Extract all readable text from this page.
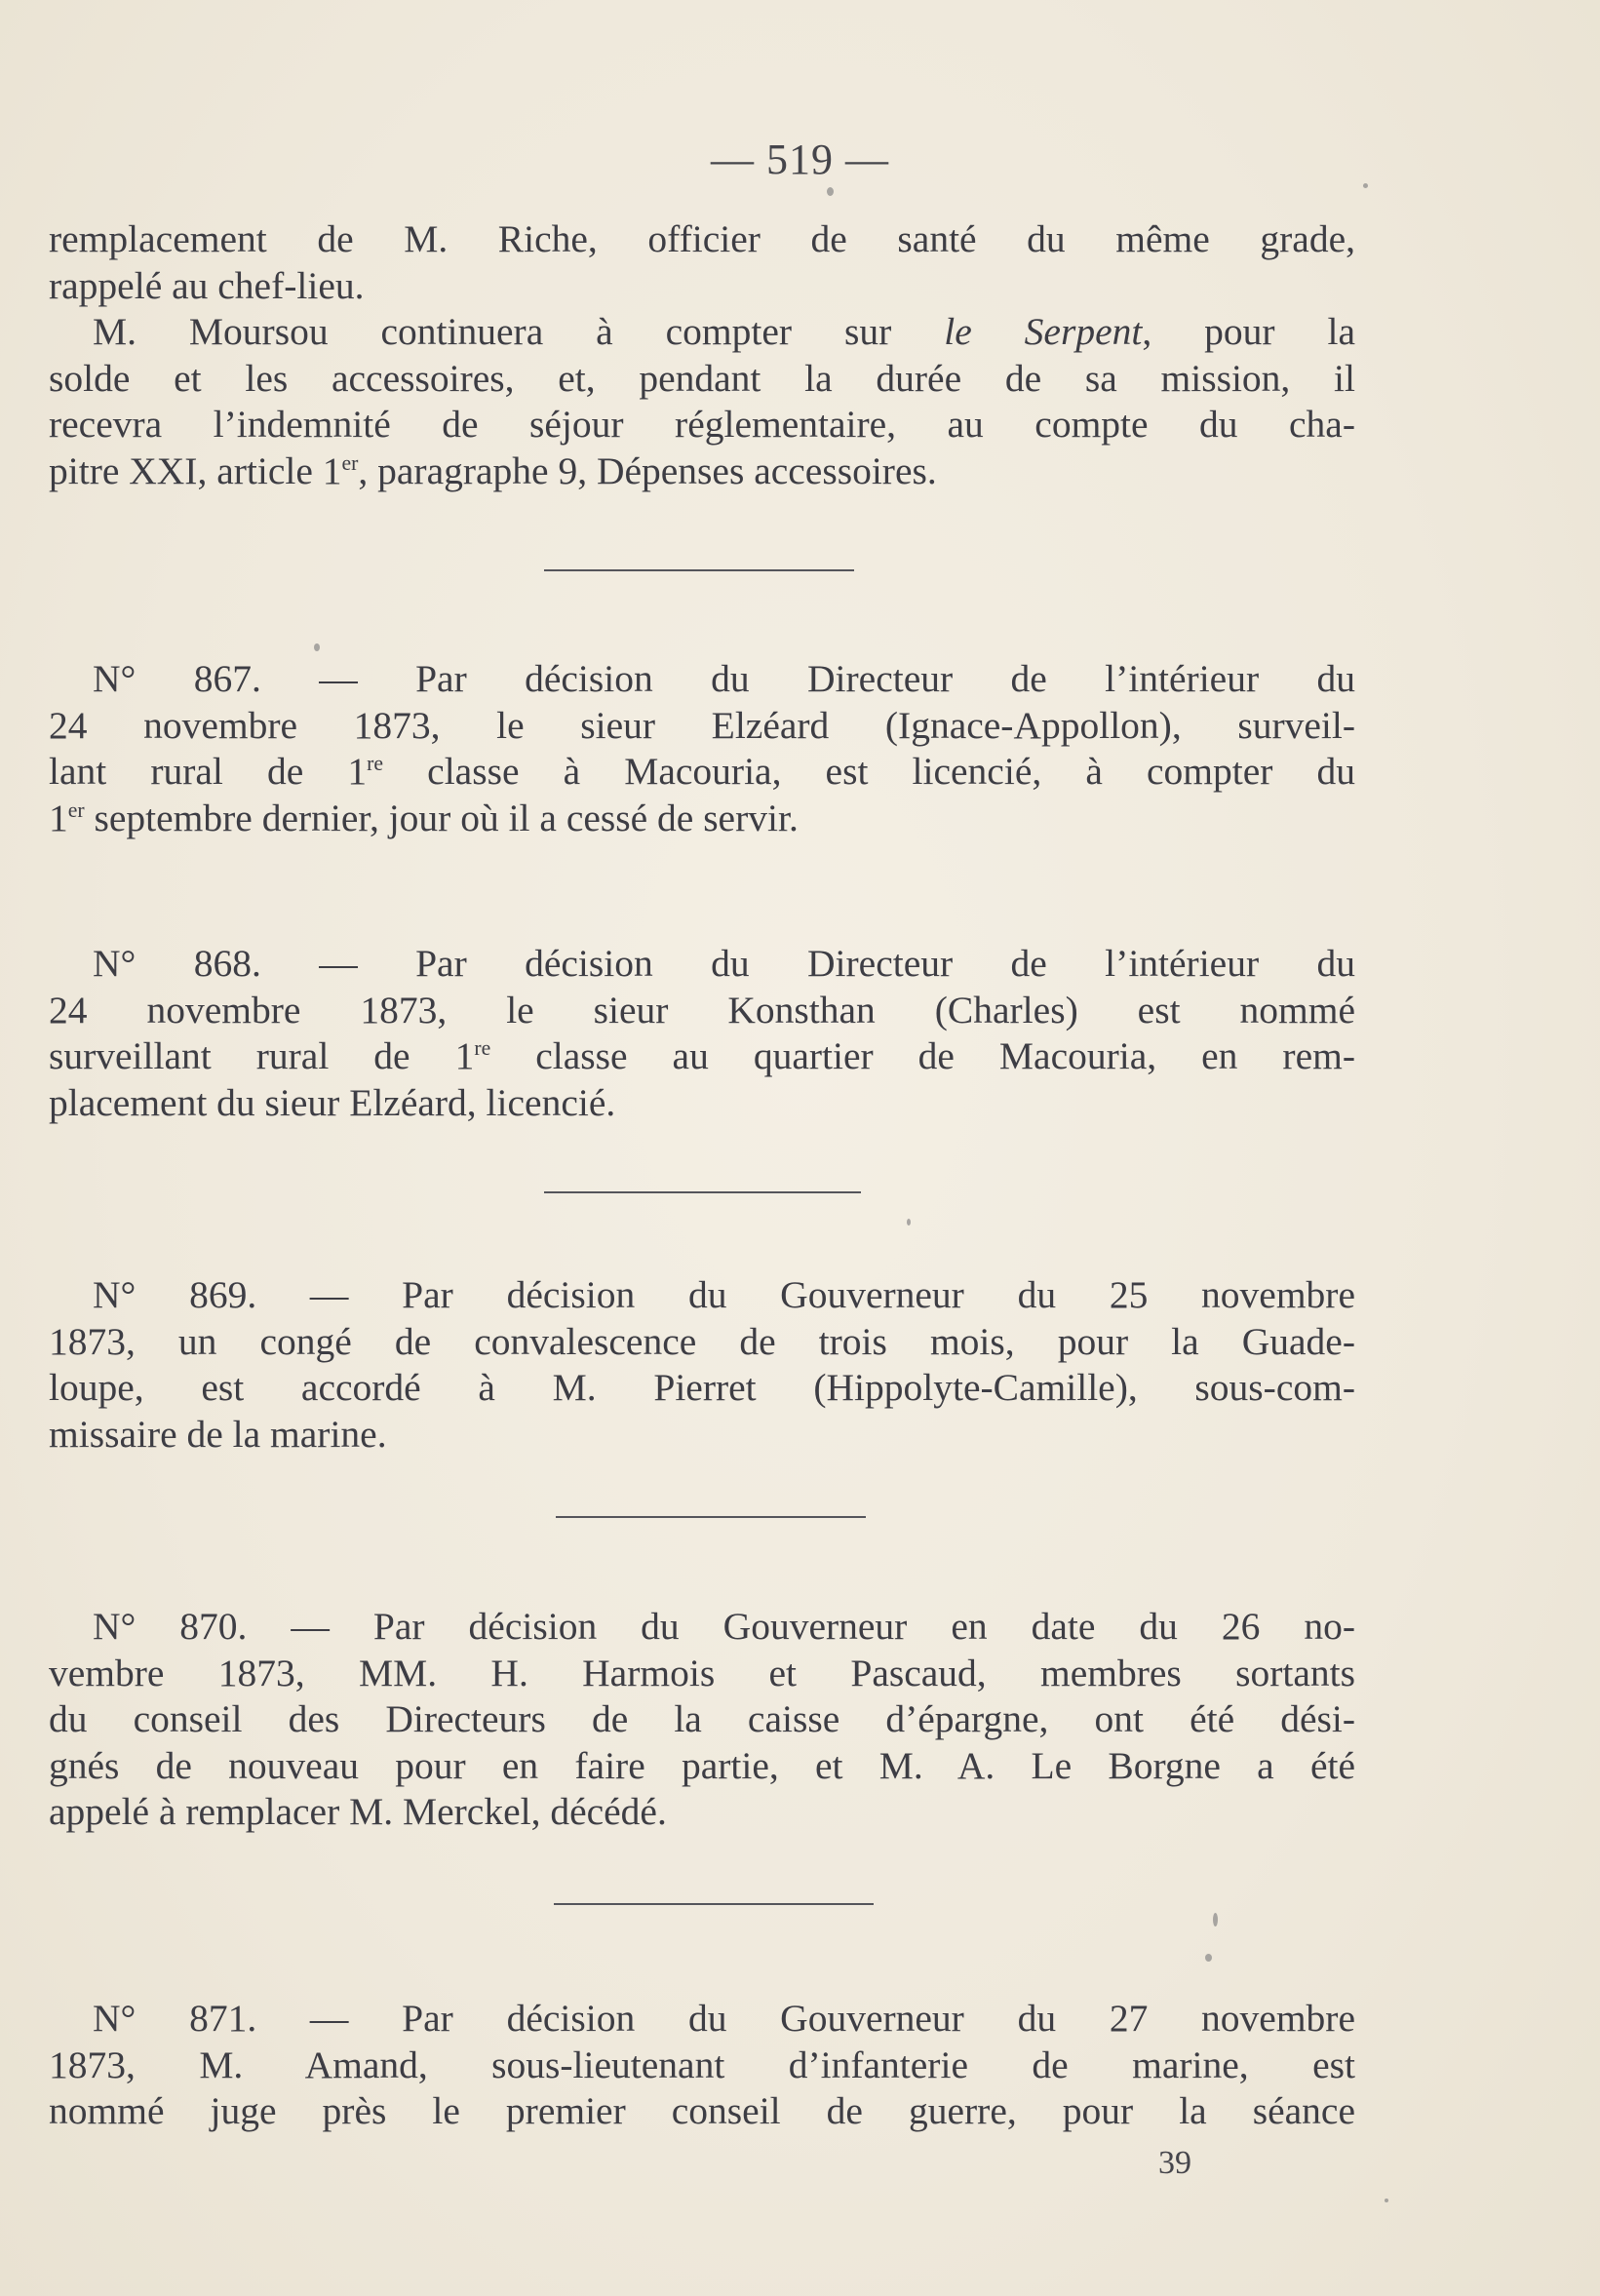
— 519 —
remplacement de M. Riche, officier de santé du même grade,
rappelé au chef-lieu.
M. Moursou continuera à compter sur le Serpent, pour la
solde et les accessoires, et, pendant la durée de sa mission, il
recevra l’indemnité de séjour réglementaire, au compte du cha-
pitre XXI, article 1er, paragraphe 9, Dépenses accessoires.
N° 867. — Par décision du Directeur de l’intérieur du
24 novembre 1873, le sieur Elzéard (Ignace-Appollon), surveil-
lant rural de 1re classe à Macouria, est licencié, à compter du
1er septembre dernier, jour où il a cessé de servir.
N° 868. — Par décision du Directeur de l’intérieur du
24 novembre 1873, le sieur Konsthan (Charles) est nommé
surveillant rural de 1re classe au quartier de Macouria, en rem-
placement du sieur Elzéard, licencié.
N° 869. — Par décision du Gouverneur du 25 novembre
1873, un congé de convalescence de trois mois, pour la Guade-
loupe, est accordé à M. Pierret (Hippolyte-Camille), sous-com-
missaire de la marine.
N° 870. — Par décision du Gouverneur en date du 26 no-
vembre 1873, MM. H. Harmois et Pascaud, membres sortants
du conseil des Directeurs de la caisse d’épargne, ont été dési-
gnés de nouveau pour en faire partie, et M. A. Le Borgne a été
appelé à remplacer M. Merckel, décédé.
N° 871. — Par décision du Gouverneur du 27 novembre
1873, M. Amand, sous-lieutenant d’infanterie de marine, est
nommé juge près le premier conseil de guerre, pour la séance
39
